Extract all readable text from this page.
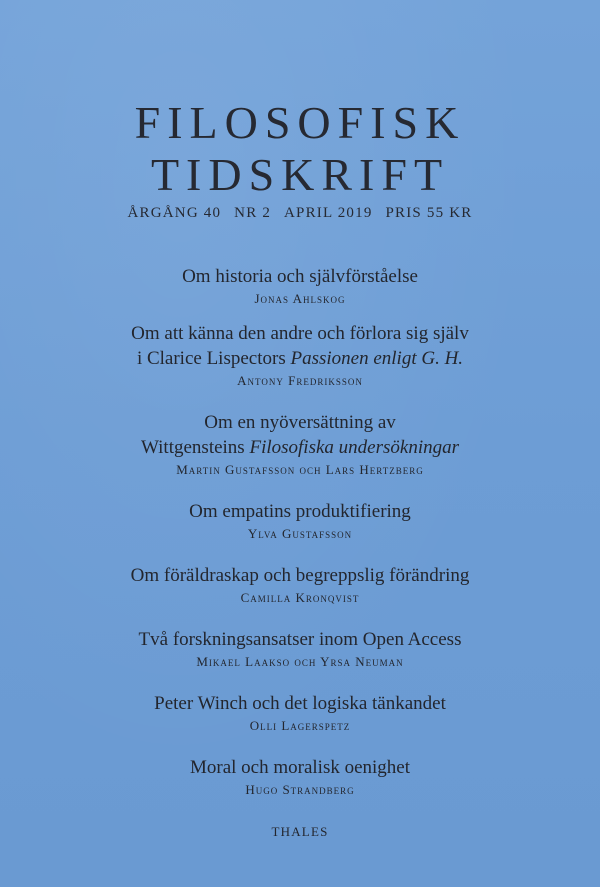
FILOSOFISK
TIDSKRIFT
ÅRGÅNG 40 NR 2 APRIL 2019 PRIS 55 KR
Om historia och självförståelse
Jonas Ahlskog
Om att känna den andre och förlora sig själv
i Clarice Lispectors Passionen enligt G. H.
Antony Fredriksson
Om en nyöversättning av
Wittgensteins Filosofiska undersökningar
Martin Gustafsson och Lars Hertzberg
Om empatins produktifiering
Ylva Gustafsson
Om föräldraskap och begreppslig förändring
Camilla Kronqvist
Två forskningsansatser inom Open Access
Mikael Laakso och Yrsa Neuman
Peter Winch och det logiska tänkandet
Olli Lagerspetz
Moral och moralisk oenighet
Hugo Strandberg
THALES
